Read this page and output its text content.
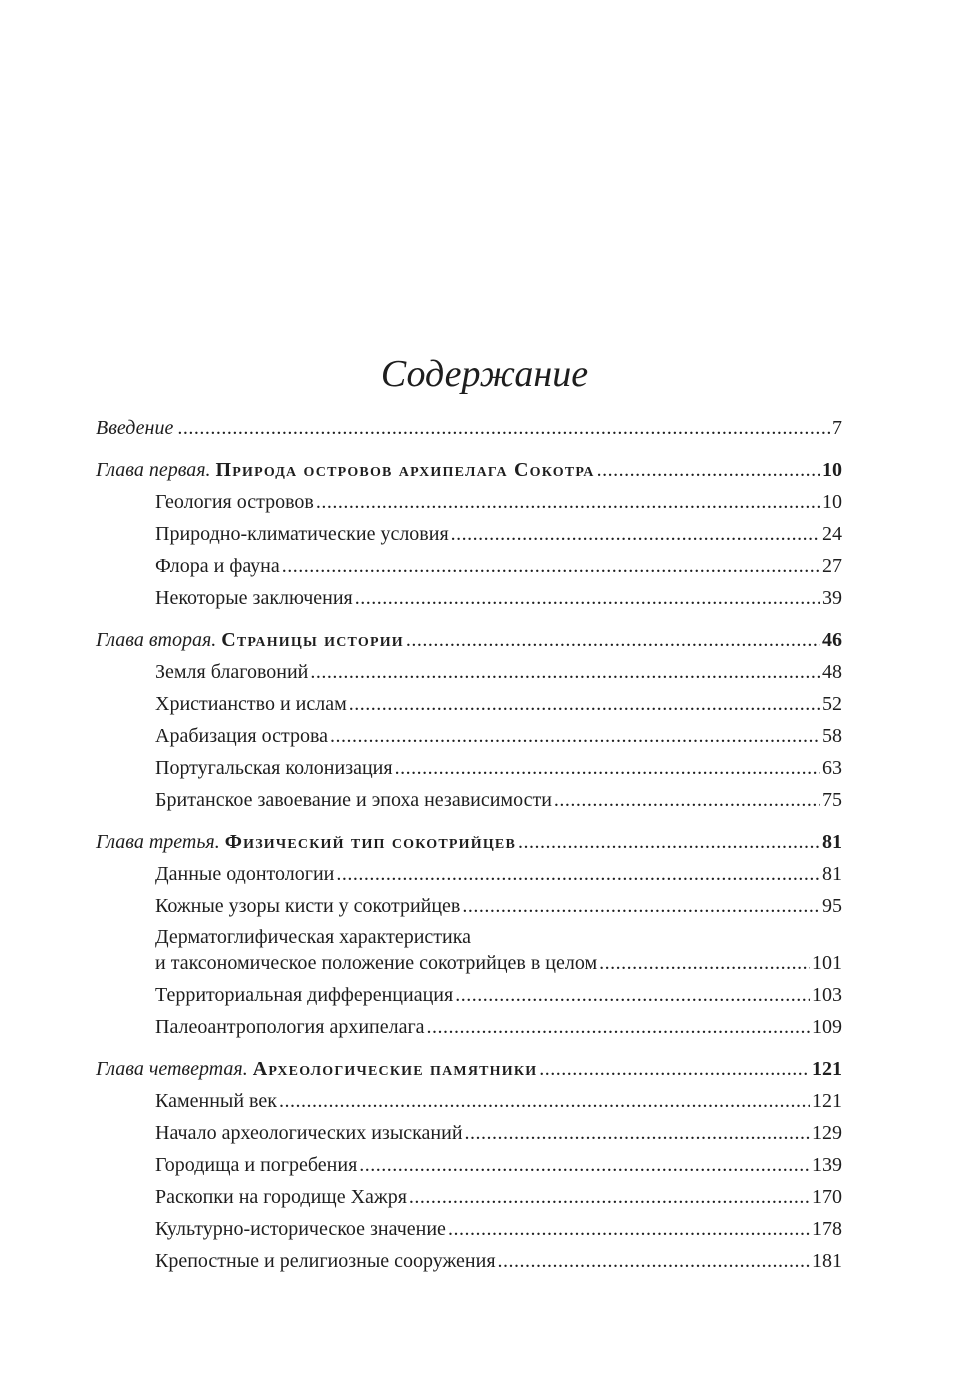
Содержание
Введение .....	7
Глава первая. Природа островов архипелага Сокотра .....	10
Геология островов .....	10
Природно-климатические условия .....	24
Флора и фауна .....	27
Некоторые заключения .....	39
Глава вторая. Страницы истории .....	46
Земля благовоний .....	48
Христианство и ислам .....	52
Арабизация острова .....	58
Португальская колонизация .....	63
Британское завоевание и эпоха независимости .....	75
Глава третья. Физический тип сокотрийцев .....	81
Данные одонтологии .....	81
Кожные узоры кисти у сокотрийцев .....	95
Дерматоглифическая характеристика
и таксономическое положение сокотрийцев в целом .....	101
Территориальная дифференциация .....	103
Палеоантропология архипелага .....	109
Глава четвертая. Археологические памятники .....	121
Каменный век .....	121
Начало археологических изысканий .....	129
Городища и погребения .....	139
Раскопки на городище Хажря .....	170
Культурно-историческое значение .....	178
Крепостные и религиозные сооружения .....	181
